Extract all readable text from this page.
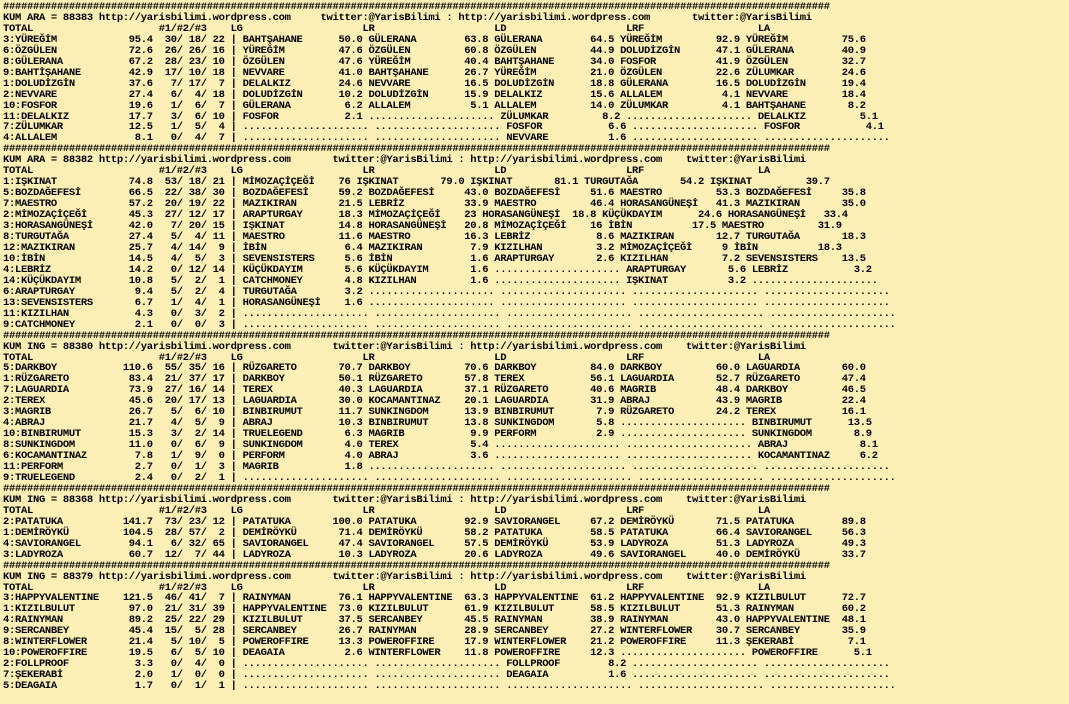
##########################################################################################################################################
KUM ARA = 88383 http://yarisbilimi.wordpress.com     twitter:@YarisBilimi : http://yarisbilimi.wordpress.com       twitter:@YarisBilimi
TOTAL                     #1/#2/#3    LG                    LR                    LD                    LRF                   LA
3:YÜREĞİM            95.4  30/ 18/ 22 | BAHTŞAHANE      50.0 GÜLERANA        63.8 GÜLERANA        64.5 YÜREĞİM         92.9 YÜREĞİM         75.6
6:ÖZGÜLEN            72.6  26/ 26/ 16 | YÜREĞİM         47.6 ÖZGÜLEN         60.8 ÖZGÜLEN         44.9 DOLUDİZGİN      47.1 GÜLERANA        40.9
8:GÜLERANA           67.2  28/ 23/ 10 | ÖZGÜLEN         47.6 YÜREĞİM         40.4 BAHTŞAHANE      34.0 FOSFOR          41.9 ÖZGÜLEN         32.7
9:BAHTİŞAHANE        42.9  17/ 10/ 18 | NEVVARE         41.0 BAHTŞAHANE      26.7 YÜREĞİM         21.0 ÖZGÜLEN         22.6 ZÜLUMKAR        24.6
1:DOLUDİZGİN         37.6   7/ 17/  7 | DELALKIZ        24.6 NEVVARE         16.5 DOLUDİZGİN      18.8 GÜLERANA        16.5 DOLUDİZGİN      19.4
2:NEVVARE            27.4   6/  4/ 18 | DOLUDİZGİN      10.2 DOLUDİZGİN      15.9 DELALKIZ        15.6 ALLALEM          4.1 NEVVARE         18.4
10:FOSFOR            19.6   1/  6/  7 | GÜLERANA         6.2 ALLALEM          5.1 ALLALEM         14.0 ZÜLUMKAR         4.1 BAHTŞAHANE       8.2
11:DELALKIZ          17.7   3/  6/ 10 | FOSFOR           2.1 ..................... ZÜLUMKAR         8.2 ..................... DELALKIZ         5.1
7:ZÜLUMKAR           12.5   1/  5/  4 | ..................... ..................... FOSFOR           6.6 ..................... FOSFOR           4.1
4:ALLALEM             8.1   0/  4/  7 | ..................... ..................... NEVVARE          1.6 ..................... .....................
##########################################################################################################################################
KUM ARA = 88382 http://yarisbilimi.wordpress.com       twitter:@YarisBilimi : http://yarisbilimi.wordpress.com    twitter:@YarisBilimi
TOTAL                     #1/#2/#3    LG                    LR                    LD                    LRF                   LA
1:IŞKINAT            74.8  53/ 18/ 21 | MİMOZAÇİÇEĞİ    76 IŞKINAT       79.0 IŞKINAT       81.1 TURGUTAĞA       54.2 IŞKINAT         39.7
5:BOZDAĞEFESİ        66.5  22/ 38/ 30 | BOZDAĞEFESİ     59.2 BOZDAĞEFESİ     43.0 BOZDAĞEFESİ     51.6 MAESTRO         53.3 BOZDAĞEFESİ     35.8
7:MAESTRO            57.2  20/ 19/ 22 | MAZIKIRAN       21.5 LEBRİZ          33.9 MAESTRO         46.4 HORASANGÜNEŞİ   41.3 MAZIKIRAN       35.0
2:MİMOZAÇİÇEĞİ       45.3  27/ 12/ 17 | ARAPTURGAY      18.3 MİMOZAÇİÇEĞİ    23 HORASANGÜNEŞİ  18.8 KÜÇÜKDAYIM      24.6 HORASANGÜNEŞİ   33.4
3:HORASANGÜNEŞİ      42.0   7/ 20/ 15 | IŞKINAT         14.8 HORASANGÜNEŞİ   20.8 MİMOZAÇİÇEĞİ    16 İBİN          17.5 MAESTRO         31.9
8:TURGUTAĞA          27.4   5/  4/ 11 | MAESTRO         11.6 MAESTRO         16.3 LEBRİZ           8.6 MAZIKIRAN       12.7 TURGUTAĞA       18.3
12:MAZIKIRAN         25.7   4/ 14/  9 | İBİN             6.4 MAZIKIRAN        7.9 KIZILHAN         3.2 MİMOZAÇİÇEĞİ     9 İBİN          18.3
10:İBİN              14.5   4/  5/  3 | SEVENSISTERS     5.6 İBİN             1.6 ARAPTURGAY       2.6 KIZILHAN         7.2 SEVENSISTERS    13.5
4:LEBRİZ             14.2   0/ 12/ 14 | KÜÇÜKDAYIM       5.6 KÜÇÜKDAYIM       1.6 ..................... ARAPTURGAY       5.6 LEBRİZ           3.2
14:KÜÇÜKDAYIM        10.8   5/  2/  1 | CATCHMONEY       4.8 KIZILHAN         1.6 ..................... IŞKINAT          3.2 .....................
6:ARAPTURGAY          9.4   5/  2/  4 | TURGUTAĞA        3.2 ..................... ..................... ..................... .....................
13:SEVENSISTERS       6.7   1/  4/  1 | HORASANGÜNEŞİ    1.6 ..................... ..................... ..................... .....................
11:KIZILHAN           4.3   0/  3/  2 | ..................... ..................... ..................... ..................... .....................
9:CATCHMONEY          2.1   0/  0/  3 | ..................... ..................... ..................... ..................... .....................
##########################################################################################################################################
KUM ING = 88380 http://yarisbilimi.wordpress.com       twitter:@YarisBilimi : http://yarisbilimi.wordpress.com    twitter:@YarisBilimi
TOTAL                     #1/#2/#3    LG                    LR                    LD                    LRF                   LA
5:DARKBOY           110.6  55/ 35/ 16 | RÜZGARETO       70.7 DARKBOY         70.6 DARKBOY         84.0 DARKBOY         60.0 LAGUARDIA       60.0
1:RÜZGARETO          83.4  21/ 37/ 17 | DARKBOY         50.1 RÜZGARETO       57.8 TEREX           56.1 LAGUARDIA       52.7 RÜZGARETO       47.4
7:LAGUARDIA          73.9  27/ 16/ 14 | TEREX           40.3 LAGUARDIA       37.1 RÜZGARETO       40.6 MAGRIB          48.4 DARKBOY         46.5
2:TEREX              45.6  20/ 17/ 13 | LAGUARDIA       30.0 KOCAMANTINAZ    20.1 LAGUARDIA       31.9 ABRAJ           43.9 MAGRIB          22.4
3:MAGRIB             26.7   5/  6/ 10 | BINBIRUMUT      11.7 SUNKINGDOM      13.9 BINBIRUMUT       7.9 RÜZGARETO       24.2 TEREX           16.1
4:ABRAJ              21.7   4/  5/  9 | ABRAJ           10.3 BINBIRUMUT      13.8 SUNKINGDOM       5.8 ..................... BINBIRUMUT      13.5
10:BINBIRUMUT        15.3   3/  2/ 14 | TRUELEGEND       6.3 MAGRIB           9.9 PERFORM          2.9 ..................... SUNKINGDOM       8.9
8:SUNKINGDOM         11.0   0/  6/  9 | SUNKINGDOM       4.0 TEREX            5.4 ..................... ..................... ABRAJ            8.1
6:KOCAMANTINAZ        7.8   1/  9/  0 | PERFORM          4.0 ABRAJ            3.6 ..................... ..................... KOCAMANTINAZ     6.2
11:PERFORM            2.7   0/  1/  3 | MAGRIB           1.8 ..................... ..................... ..................... .....................
9:TRUELEGEND          2.4   0/  2/  1 | ..................... ..................... ..................... ..................... .....................
##########################################################################################################################################
KUM ING = 88368 http://yarisbilimi.wordpress.com       twitter:@YarisBilimi : http://yarisbilimi.wordpress.com    twitter:@YarisBilimi
TOTAL                     #1/#2/#3    LG                    LR                    LD                    LRF                   LA
2:PATATUKA          141.7  73/ 23/ 12 | PATATUKA       100.0 PATATUKA        92.9 SAVIORANGEL     67.2 DEMİRÖYKÜ       71.5 PATATUKA        89.8
1:DEMİRÖYKÜ         104.5  28/ 57/  2 | DEMİRÖYKÜ       71.4 DEMİRÖYKÜ       58.2 PATATUKA        58.5 PATATUKA        66.4 SAVIORANGEL     56.3
4:SAVIORANGEL        94.1   6/ 32/ 65 | SAVIORANGEL     47.4 SAVIORANGEL     57.5 DEMİRÖYKÜ       53.9 LADYROZA        51.3 LADYROZA        49.3
3:LADYROZA           60.7  12/  7/ 44 | LADYROZA        10.3 LADYROZA        20.6 LADYROZA        49.6 SAVIORANGEL     40.0 DEMİRÖYKÜ       33.7
##########################################################################################################################################
KUM ING = 88379 http://yarisbilimi.wordpress.com       twitter:@YarisBilimi : http://yarisbilimi.wordpress.com    twitter:@YarisBilimi
TOTAL                     #1/#2/#3    LG                    LR                    LD                    LRF                   LA
3:HAPPYVALENTINE    121.5  46/ 41/  7 | RAINYMAN        76.1 HAPPYVALENTINE  63.3 HAPPYVALENTINE  61.2 HAPPYVALENTINE  92.9 KIZILBULUT      72.7
1:KIZILBULUT         97.0  21/ 31/ 39 | HAPPYVALENTINE  73.0 KIZILBULUT      61.9 KIZILBULUT      58.5 KIZILBULUT      51.3 RAINYMAN        60.2
4:RAINYMAN           89.2  25/ 22/ 29 | KIZILBULUT      37.5 SERCANBEY       45.5 RAINYMAN        38.9 RAINYMAN        43.0 HAPPYVALENTINE  48.1
9:SERCANBEY          45.4  15/  5/ 28 | SERCANBEY       26.7 RAINYMAN        28.9 SERCANBEY       27.2 WINTERFLOWER    30.7 SERCANBEY       35.9
8:WINTERFLOWER       21.4   5/ 10/  5 | POWEROFFIRE     13.3 POWEROFFIRE     17.9 WINTERFLOWER    21.2 POWEROFFIRE     11.3 ŞEKERABİ         7.1
10:POWEROFFIRE       19.5   6/  5/ 10 | DEAGAIA          2.6 WINTERFLOWER    11.8 POWEROFFIRE     12.3 ..................... POWEROFFIRE      5.1
2:FOLLPROOF           3.3   0/  4/  0 | ..................... ..................... FOLLPROOF        8.2 ..................... .....................
7:ŞEKERABİ            2.0   1/  0/  0 | ..................... ..................... DEAGAIA          1.6 ..................... .....................
5:DEAGAIA             1.7   0/  1/  1 | ..................... ..................... ..................... ..................... .....................
